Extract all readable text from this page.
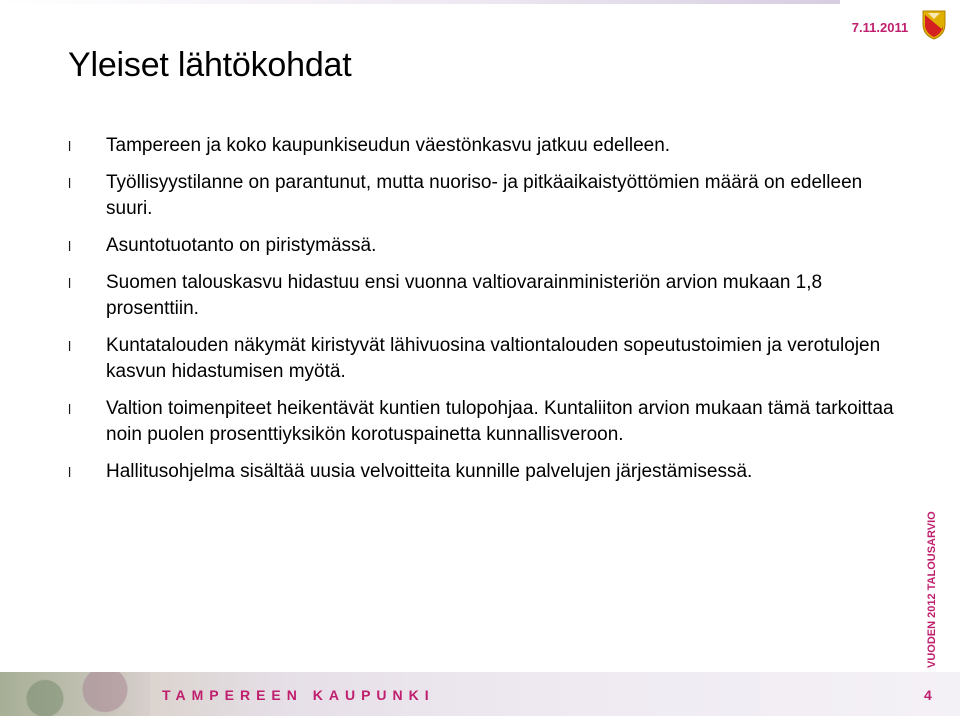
7.11.2011
Yleiset lähtökohdat
l	Tampereen ja koko kaupunkiseudun väestönkasvu jatkuu edelleen.
l	Työllisyystilanne on parantunut, mutta nuoriso- ja pitkäaikaistyöttömien määrä on edelleen suuri.
l	Asuntotuotanto on piristymässä.
l	Suomen talouskasvu hidastuu ensi vuonna valtiovarainministeriön arvion mukaan 1,8 prosenttiin.
l	Kuntatalouden näkymät kiristyvät lähivuosina valtiontalouden sopeutustoimien ja verotulojen kasvun hidastumisen myötä.
l	Valtion toimenpiteet heikentävät kuntien tulopohjaa. Kuntaliiton arvion mukaan tämä tarkoittaa noin puolen prosenttiyksikön korotuspainetta kunnallisveroon.
l	Hallitusohjelma sisältää uusia velvoitteita kunnille palvelujen järjestämisessä.
VUODEN 2012 TALOUSARVIO
TAMPEREEN KAUPUNKI	4
